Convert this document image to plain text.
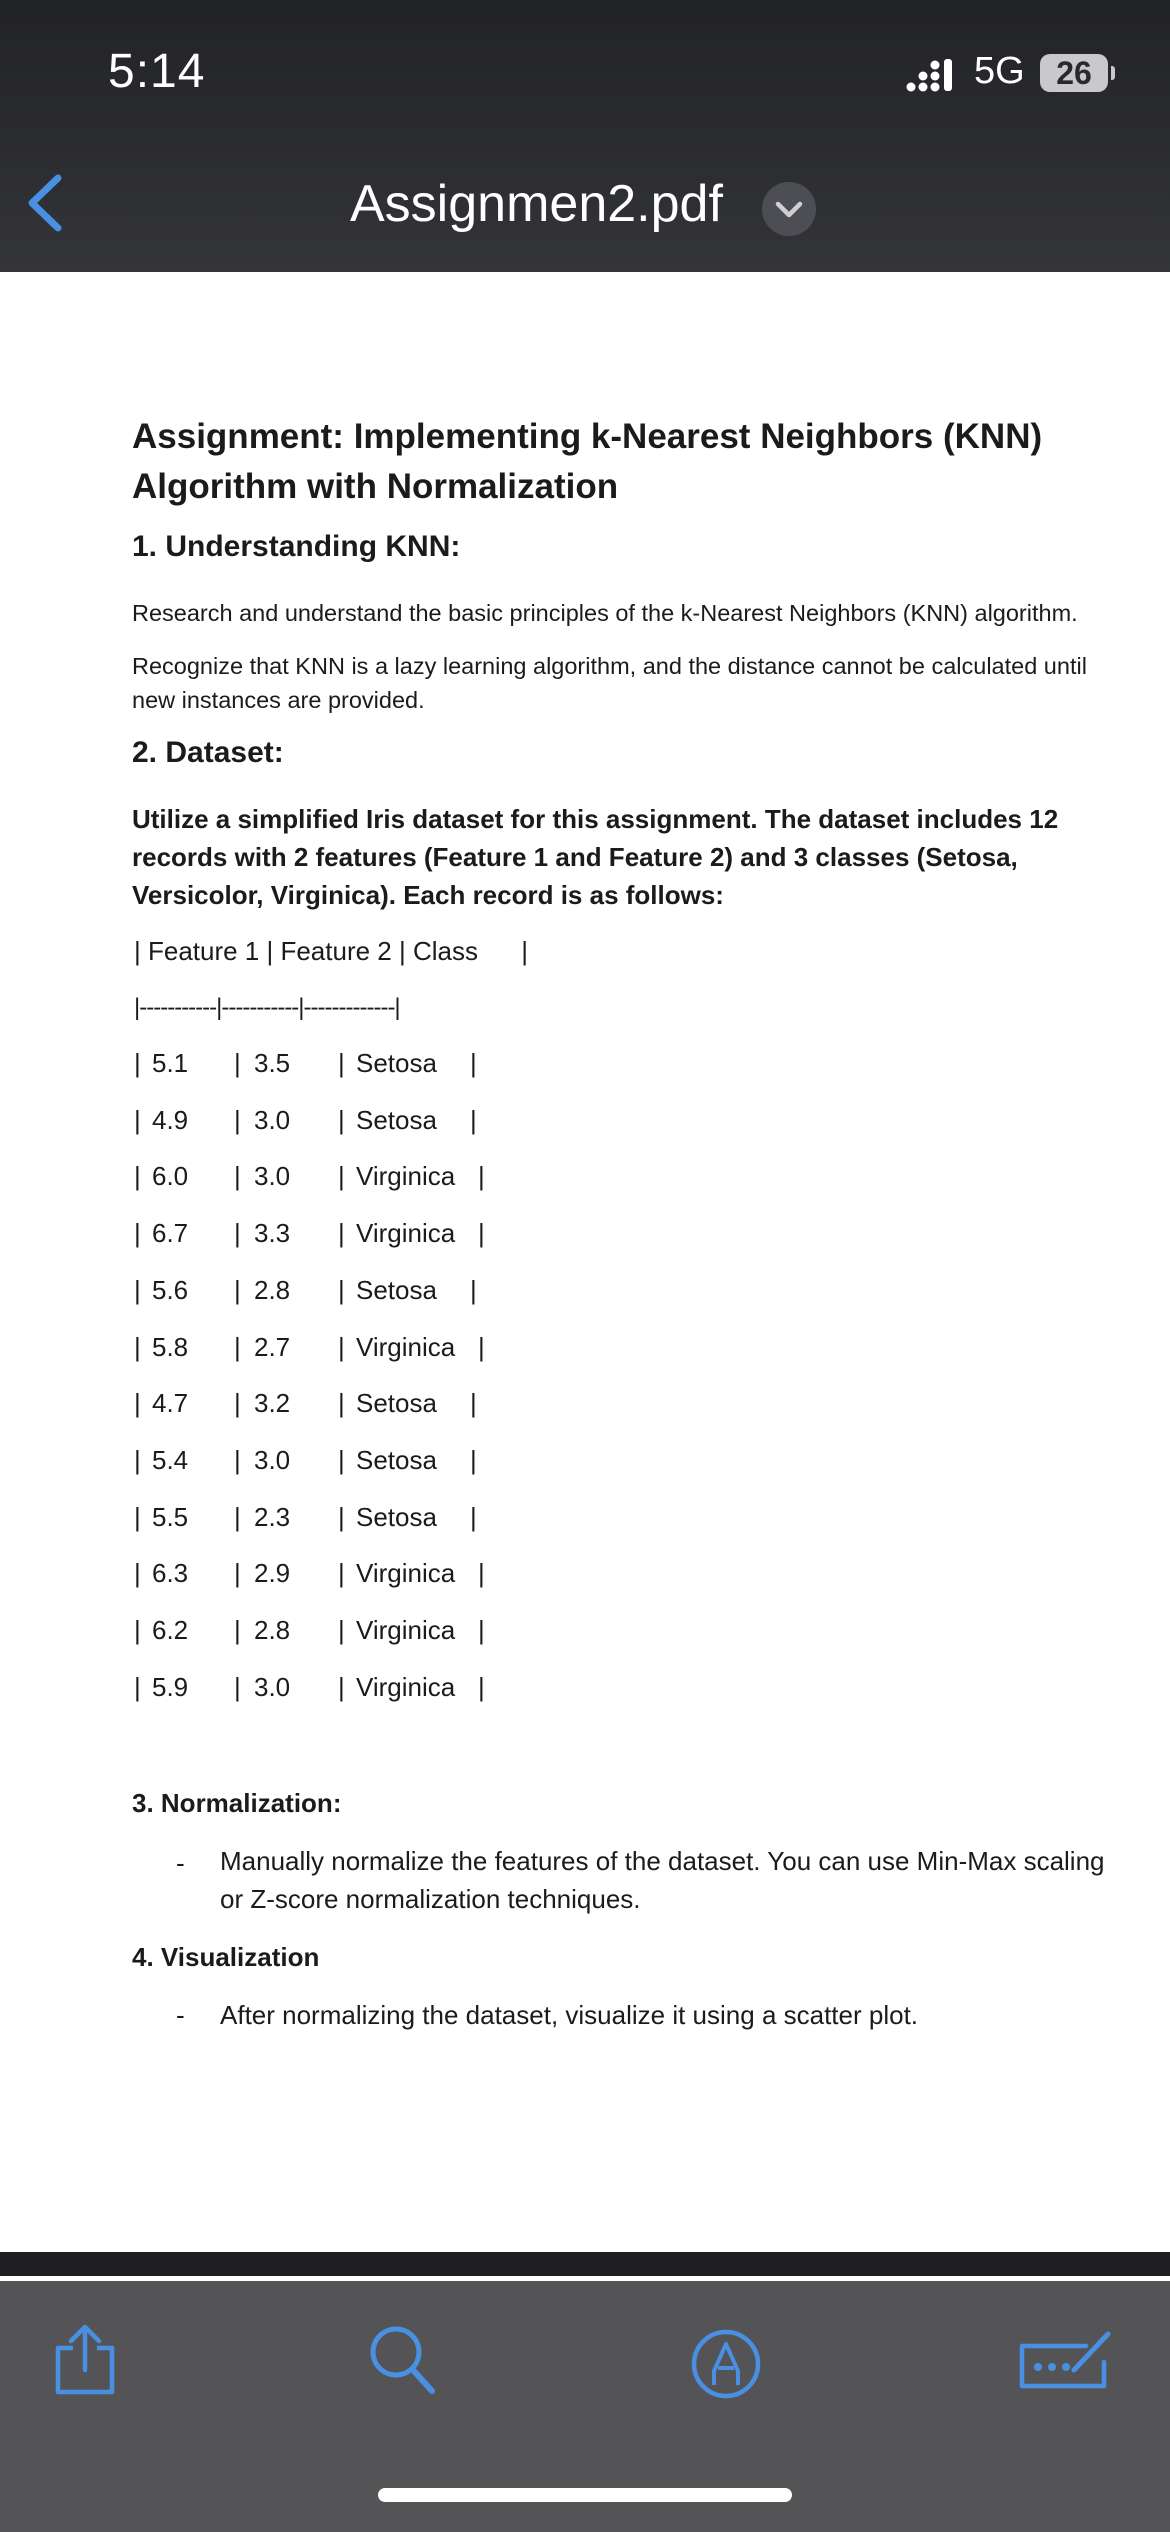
5:14	5G 26
Assignmen2.pdf
Assignment: Implementing k-Nearest Neighbors (KNN) Algorithm with Normalization
1. Understanding KNN:

Research and understand the basic principles of the k-Nearest Neighbors (KNN) algorithm.

Recognize that KNN is a lazy learning algorithm, and the distance cannot be calculated until new instances are provided.

2. Dataset:

Utilize a simplified Iris dataset for this assignment. The dataset includes 12 records with 2 features (Feature 1 and Feature 2) and 3 classes (Setosa, Versicolor, Virginica). Each record is as follows:

| Feature 1 | Feature 2 | Class      |
|-----------|-----------|-------------|
| 5.1 | 3.5 | Setosa |
| 4.9 | 3.0 | Setosa |
| 6.0 | 3.0 | Virginica |
| 6.7 | 3.3 | Virginica |
| 5.6 | 2.8 | Setosa |
| 5.8 | 2.7 | Virginica |
| 4.7 | 3.2 | Setosa |
| 5.4 | 3.0 | Setosa |
| 5.5 | 2.3 | Setosa |
| 6.3 | 2.9 | Virginica |
| 6.2 | 2.8 | Virginica |
| 5.9 | 3.0 | Virginica |
3. Normalization:
- Manually normalize the features of the dataset. You can use Min-Max scaling or Z-score normalization techniques.

4. Visualization
- After normalizing the dataset, visualize it using a scatter plot.
